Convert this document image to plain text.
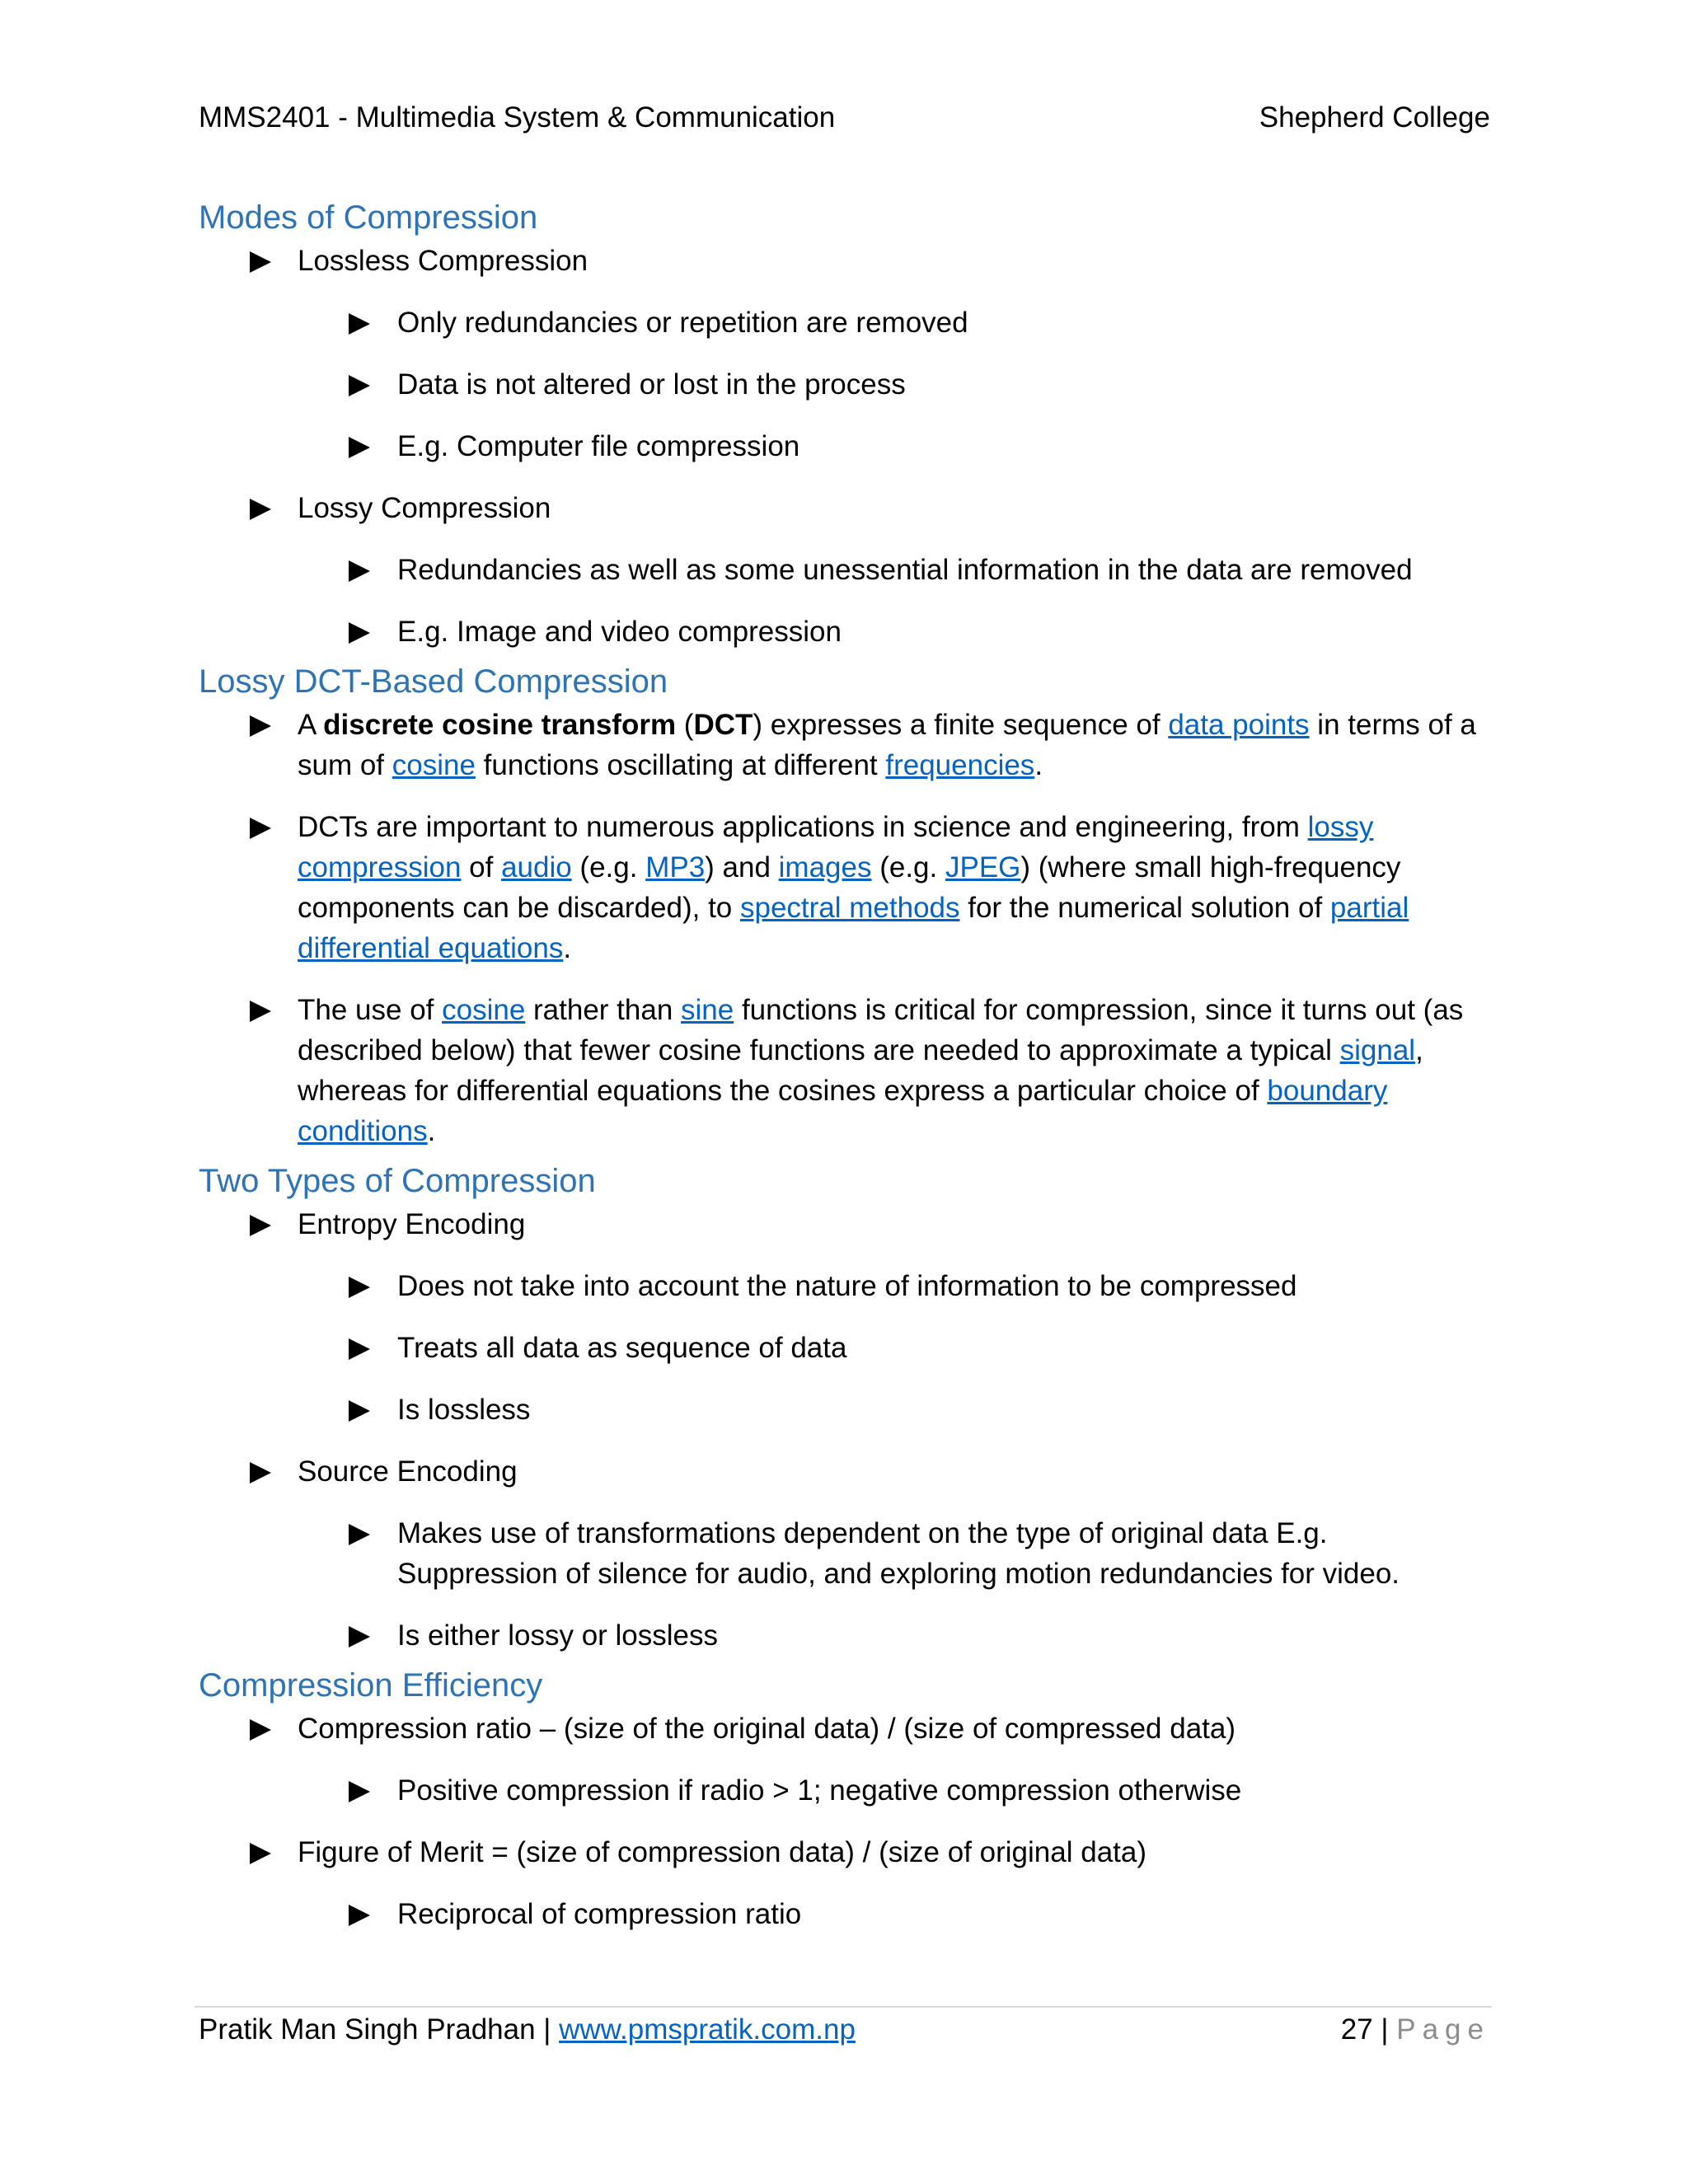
MMS2401 - Multimedia System & Communication	Shepherd College
Modes of Compression
Lossless Compression
Only redundancies or repetition are removed
Data is not altered or lost in the process
E.g. Computer file compression
Lossy Compression
Redundancies as well as some unessential information in the data are removed
E.g. Image and video compression
Lossy DCT-Based Compression
A discrete cosine transform (DCT) expresses a finite sequence of data points in terms of a sum of cosine functions oscillating at different frequencies.
DCTs are important to numerous applications in science and engineering, from lossy compression of audio (e.g. MP3) and images (e.g. JPEG) (where small high-frequency components can be discarded), to spectral methods for the numerical solution of partial differential equations.
The use of cosine rather than sine functions is critical for compression, since it turns out (as described below) that fewer cosine functions are needed to approximate a typical signal, whereas for differential equations the cosines express a particular choice of boundary conditions.
Two Types of Compression
Entropy Encoding
Does not take into account the nature of information to be compressed
Treats all data as sequence of data
Is lossless
Source Encoding
Makes use of transformations dependent on the type of original data E.g. Suppression of silence for audio, and exploring motion redundancies for video.
Is either lossy or lossless
Compression Efficiency
Compression ratio – (size of the original data) / (size of compressed data)
Positive compression if radio > 1; negative compression otherwise
Figure of Merit = (size of compression data) / (size of original data)
Reciprocal of compression ratio
Pratik Man Singh Pradhan | www.pmspratik.com.np	27 | Page
